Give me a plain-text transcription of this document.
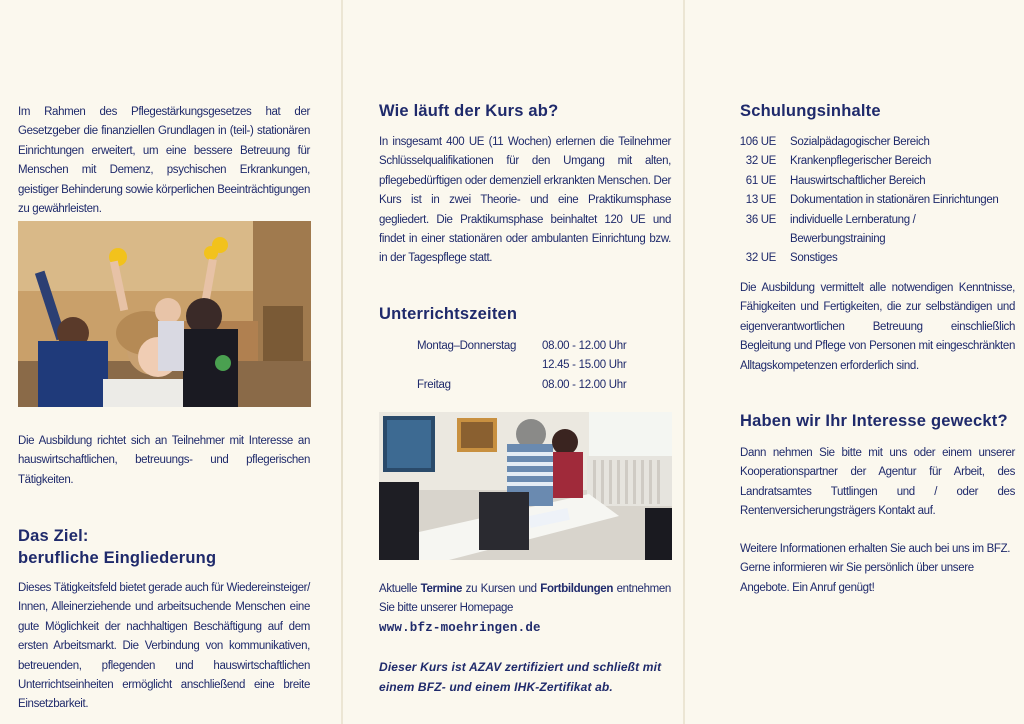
Im Rahmen des Pflegestärkungsgesetzes hat der Gesetzgeber die finanziellen Grundlagen in (teil-) stationären Einrichtungen erweitert, um eine bessere Betreuung für Menschen mit Demenz, psychischen Erkrankungen, geistiger Behinderung sowie körperlichen Beeinträchtigungen zu gewährleisten.

Die Ausbildung richtet sich an Teilnehmer mit Interesse an hauswirtschaftlichen, betreuungs- und pflegerischen Tätigkeiten.

Das Ziel:
berufliche Eingliederung

Dieses Tätigkeitsfeld bietet gerade auch für Wiedereinsteiger/ Innen, Alleinerziehende und arbeitsuchende Menschen eine gute Möglichkeit der nachhaltigen Beschäftigung auf dem ersten Arbeitsmarkt. Die Verbindung von kommunikativen, betreuenden, pflegenden und hauswirtschaftlichen Unterrichtseinheiten ermöglicht anschließend eine breite Einsetzbarkeit.

Wie läuft der Kurs ab?

In insgesamt 400 UE (11 Wochen) erlernen die Teilnehmer Schlüsselqualifikationen für den Umgang mit alten, pflegebedürftigen oder demenziell erkrankten Menschen. Der Kurs ist in zwei Theorie- und eine Praktikumsphase gegliedert. Die Praktikumsphase beinhaltet 120 UE und findet in einer stationären oder ambulanten Einrichtung bzw. in der Tagespflege statt.

Unterrichtszeiten
Montag–Donnerstag 08.00 - 12.00 Uhr
12.45 - 15.00 Uhr
Freitag	08.00 - 12.00 Uhr

Aktuelle Termine zu Kursen und Fortbildungen entnehmen Sie bitte unserer Homepage

www.bfz-moehringen.de

Dieser Kurs ist AZAV zertifiziert und schließt mit einem BFZ- und einem IHK-Zertifikat ab.

Schulungsinhalte
106 UE	Sozialpädagogischer Bereich
32 UE	Krankenpflegerischer Bereich
61 UE	Hauswirtschaftlicher Bereich
13 UE	Dokumentation in stationären Einrichtungen
36 UE	individuelle Lernberatung /
Bewerbungstraining
32 UE	Sonstiges

Die Ausbildung vermittelt alle notwendigen Kenntnisse, Fähigkeiten und Fertigkeiten, die zur selbständigen und eigenverantwortlichen Betreuung einschließlich Begleitung und Pflege von Personen mit eingeschränkten Alltagskompetenzen erforderlich sind.

Haben wir Ihr Interesse geweckt?

Dann nehmen Sie bitte mit uns oder einem unserer Kooperationspartner der Agentur für Arbeit, des Landratsamtes Tuttlingen und / oder des Rentenversicherungsträgers Kontakt auf.

Weitere Informationen erhalten Sie auch bei uns im BFZ. Gerne informieren wir Sie persönlich über unsere Angebote. Ein Anruf genügt!
